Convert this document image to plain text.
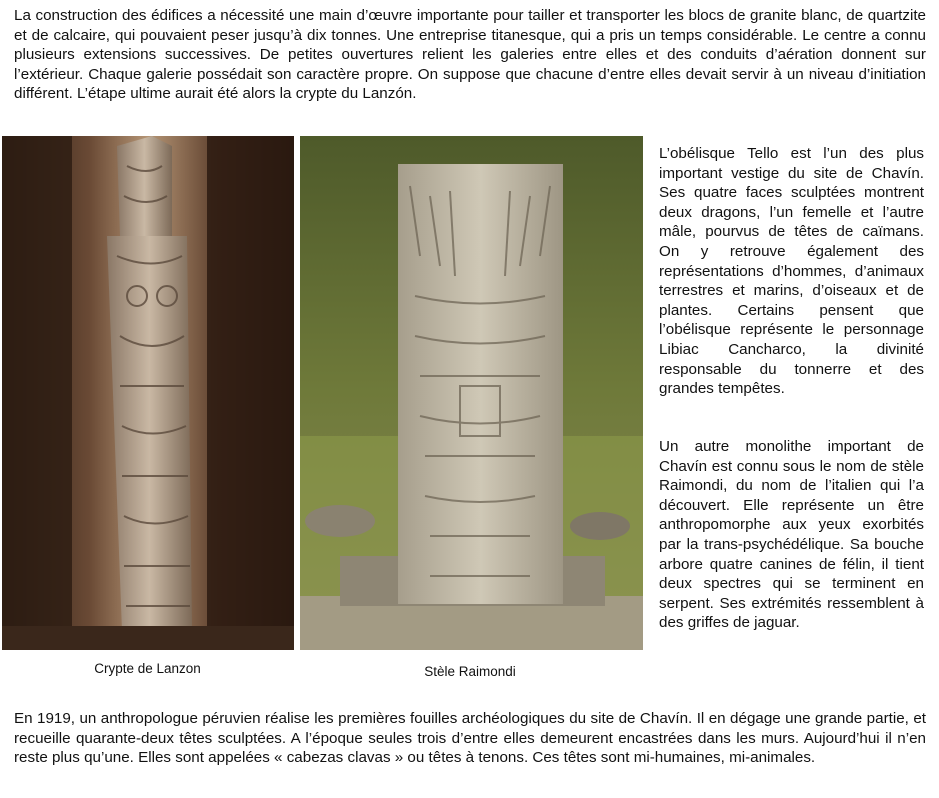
La construction des édifices a nécessité une main d’œuvre importante pour tailler et transporter les blocs de granite blanc, de quartzite et de calcaire, qui pouvaient peser jusqu’à dix tonnes. Une entreprise titanesque, qui a pris un temps considérable. Le centre a connu plusieurs extensions successives. De petites ouvertures relient les galeries entre elles et des conduits d’aération donnent sur l’extérieur. Chaque galerie possédait son caractère propre. On suppose que chacune d’entre elles devait servir à un niveau d’initiation différent. L’étape ultime aurait été alors la crypte du Lanzón.

L’obélisque Tello est l’un des plus important vestige du site de Chavín. Ses quatre faces sculptées montrent deux dragons, l’un femelle et l’autre mâle, pourvus de têtes de caïmans. On y retrouve également des représentations d’hommes, d’animaux terrestres et marins, d’oiseaux et de plantes. Certains pensent que l’obélisque représente le personnage Libiac Cancharco, la divinité responsable du tonnerre et des grandes tempêtes.

Un autre monolithe important de Chavín est connu sous le nom de stèle Raimondi, du nom de l’italien qui l’a découvert. Elle représente un être anthropomorphe aux yeux exorbités par la trans-psychédélique. Sa bouche arbore quatre canines de félin, il tient deux spectres qui se terminent en serpent. Ses extrémités ressemblent à des griffes de jaguar.

Crypte de Lanzon	Stèle Raimondi

En 1919, un anthropologue péruvien réalise les premières fouilles archéologiques du site de Chavín. Il en dégage une grande partie, et recueille quarante-deux têtes sculptées. A l’époque seules trois d’entre elles demeurent encastrées dans les murs. Aujourd’hui il n’en reste plus qu’une. Elles sont appelées « cabezas clavas » ou têtes à tenons. Ces têtes sont mi-humaines, mi-animales.
